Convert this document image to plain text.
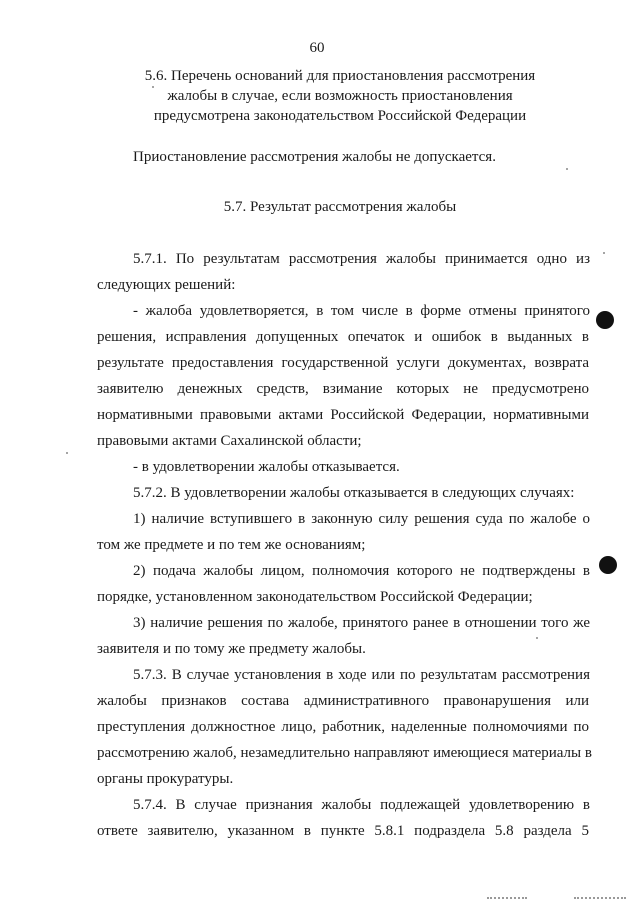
60
5.6. Перечень оснований для приостановления рассмотрения
жалобы в случае, если возможность приостановления
предусмотрена законодательством Российской Федерации
Приостановление рассмотрения жалобы не допускается.
5.7. Результат рассмотрения жалобы
5.7.1. По результатам рассмотрения жалобы принимается одно из
следующих решений:
- жалоба удовлетворяется, в том числе в форме отмены принятого
решения, исправления допущенных опечаток и ошибок в выданных в
результате предоставления государственной услуги документах, возврата
заявителю денежных средств, взимание которых не предусмотрено
нормативными правовыми актами Российской Федерации, нормативными
правовыми актами Сахалинской области;
- в удовлетворении жалобы отказывается.
5.7.2. В удовлетворении жалобы отказывается в следующих случаях:
1) наличие вступившего в законную силу решения суда по жалобе о
том же предмете и по тем же основаниям;
2) подача жалобы лицом, полномочия которого не подтверждены в
порядке, установленном законодательством Российской Федерации;
3) наличие решения по жалобе, принятого ранее в отношении того же
заявителя и по тому же предмету жалобы.
5.7.3. В случае установления в ходе или по результатам рассмотрения
жалобы признаков состава административного правонарушения или
преступления должностное лицо, работник, наделенные полномочиями по
рассмотрению жалоб, незамедлительно направляют имеющиеся материалы в
органы прокуратуры.
5.7.4. В случае признания жалобы подлежащей удовлетворению в
ответе заявителю, указанном в пункте 5.8.1 подраздела 5.8 раздела 5
